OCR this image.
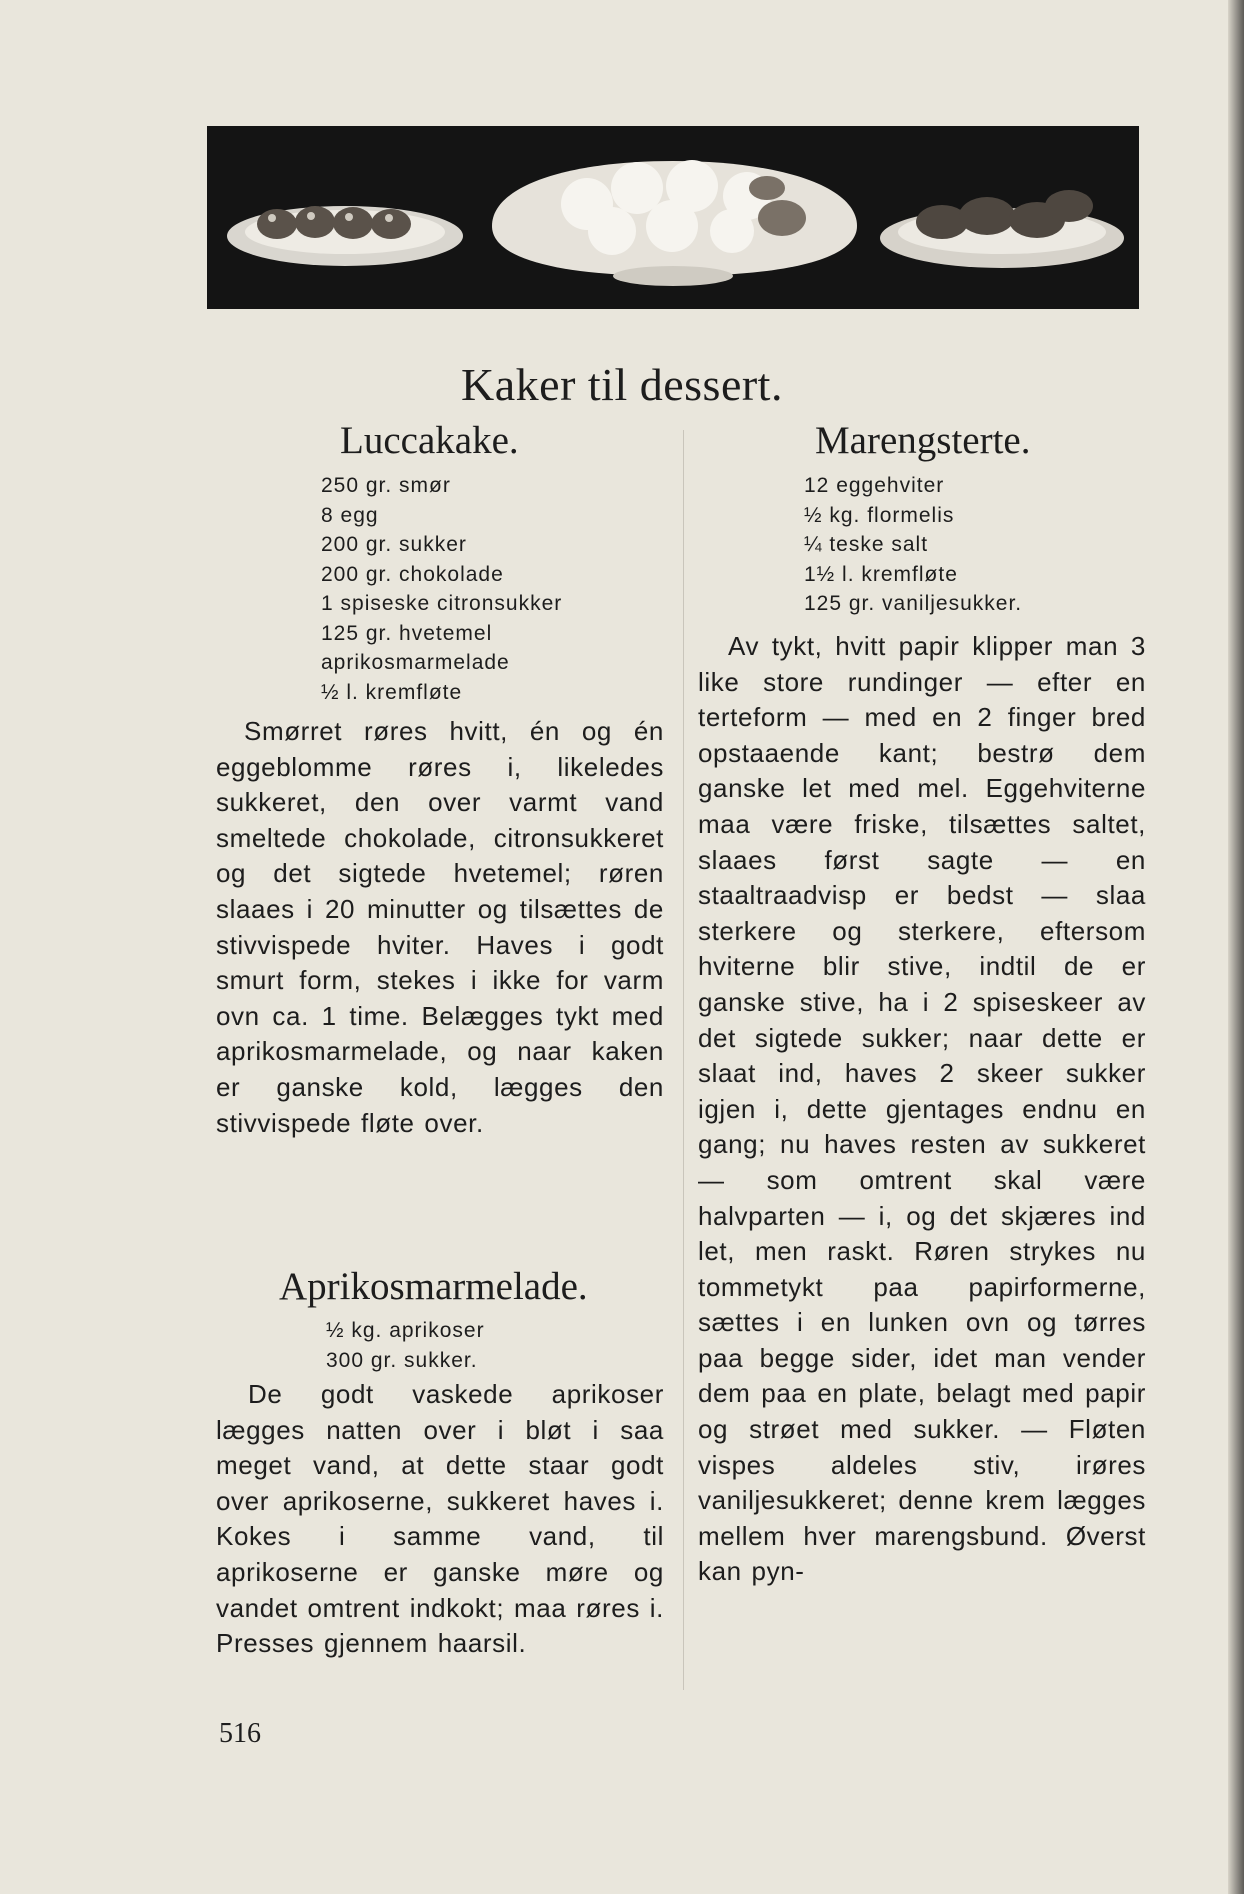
Kaker til dessert.
Luccakake.
250 gr. smør
8 egg
200 gr. sukker
200 gr. chokolade
1 spiseske citronsukker
125 gr. hvetemel
aprikosmarmelade
½ l. kremfløte

Smørret røres hvitt, én og én eggeblomme røres i, likeledes sukkeret, den over varmt vand smeltede chokolade, citronsukkeret og det sigtede hvetemel; røren slaaes i 20 minutter og tilsættes de stivvispede hviter. Haves i godt smurt form, stekes i ikke for varm ovn ca. 1 time. Belægges tykt med aprikosmarmelade, og naar kaken er ganske kold, lægges den stivvispede fløte over.

Aprikosmarmelade.
½ kg. aprikoser
300 gr. sukker.

De godt vaskede aprikoser lægges natten over i bløt i saa meget vand, at dette staar godt over aprikoserne, sukkeret haves i. Kokes i samme vand, til aprikoserne er ganske møre og vandet omtrent indkokt; maa røres i. Presses gjennem haarsil.

Marengsterte.
12 eggehviter
½ kg. flormelis
¼ teske salt
1½ l. kremfløte
125 gr. vaniljesukker.

Av tykt, hvitt papir klipper man 3 like store rundinger — efter en terteform — med en 2 finger bred opstaaende kant; bestrø dem ganske let med mel. Eggehviterne maa være friske, tilsættes saltet, slaaes først sagte — en staaltraadvisp er bedst — slaa sterkere og sterkere, eftersom hviterne blir stive, indtil de er ganske stive, ha i 2 spiseskeer av det sigtede sukker; naar dette er slaat ind, haves 2 skeer sukker igjen i, dette gjentages endnu en gang; nu haves resten av sukkeret — som omtrent skal være halvparten — i, og det skjæres ind let, men raskt. Røren strykes nu tommetykt paa papirformerne, sættes i en lunken ovn og tørres paa begge sider, idet man vender dem paa en plate, belagt med papir og strøet med sukker. — Fløten vispes aldeles stiv, irøres vaniljesukkeret; denne krem lægges mellem hver marengsbund. Øverst kan pyn-

516
